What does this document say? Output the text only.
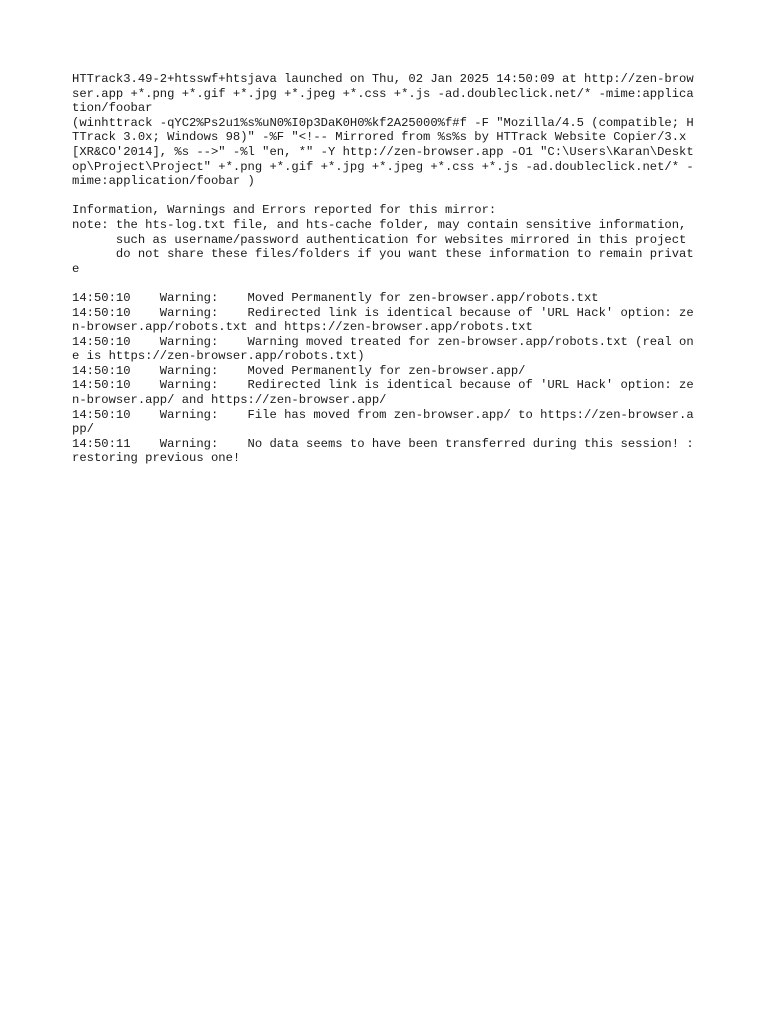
HTTrack3.49-2+htsswf+htsjava launched on Thu, 02 Jan 2025 14:50:09 at http://zen-browser.app +*.png +*.gif +*.jpg +*.jpeg +*.css +*.js -ad.doubleclick.net/* -mime:application/foobar
(winhttrack -qYC2%Ps2u1%s%uN0%I0p3DaK0H0%kf2A25000%f#f -F "Mozilla/4.5 (compatible; HTTrack 3.0x; Windows 98)" -%F "<!-- Mirrored from %s%s by HTTrack Website Copier/3.x [XR&CO'2014], %s -->" -%l "en, *" -Y http://zen-browser.app -O1 "C:\Users\Karan\Desktop\Project\Project" +*.png +*.gif +*.jpg +*.jpeg +*.css +*.js -ad.doubleclick.net/* -mime:application/foobar )
Information, Warnings and Errors reported for this mirror:
note: the hts-log.txt file, and hts-cache folder, may contain sensitive information,
such as username/password authentication for websites mirrored in this project
do not share these files/folders if you want these information to remain private
14:50:10	Warning:	Moved Permanently for zen-browser.app/robots.txt
14:50:10	Warning:	Redirected link is identical because of 'URL Hack' option: zen-browser.app/robots.txt and https://zen-browser.app/robots.txt
14:50:10	Warning:	Warning moved treated for zen-browser.app/robots.txt (real one is https://zen-browser.app/robots.txt)
14:50:10	Warning:	Moved Permanently for zen-browser.app/
14:50:10	Warning:	Redirected link is identical because of 'URL Hack' option: zen-browser.app/ and https://zen-browser.app/
14:50:10	Warning:	File has moved from zen-browser.app/ to https://zen-browser.app/
14:50:11	Warning:	No data seems to have been transferred during this session! : restoring previous one!
